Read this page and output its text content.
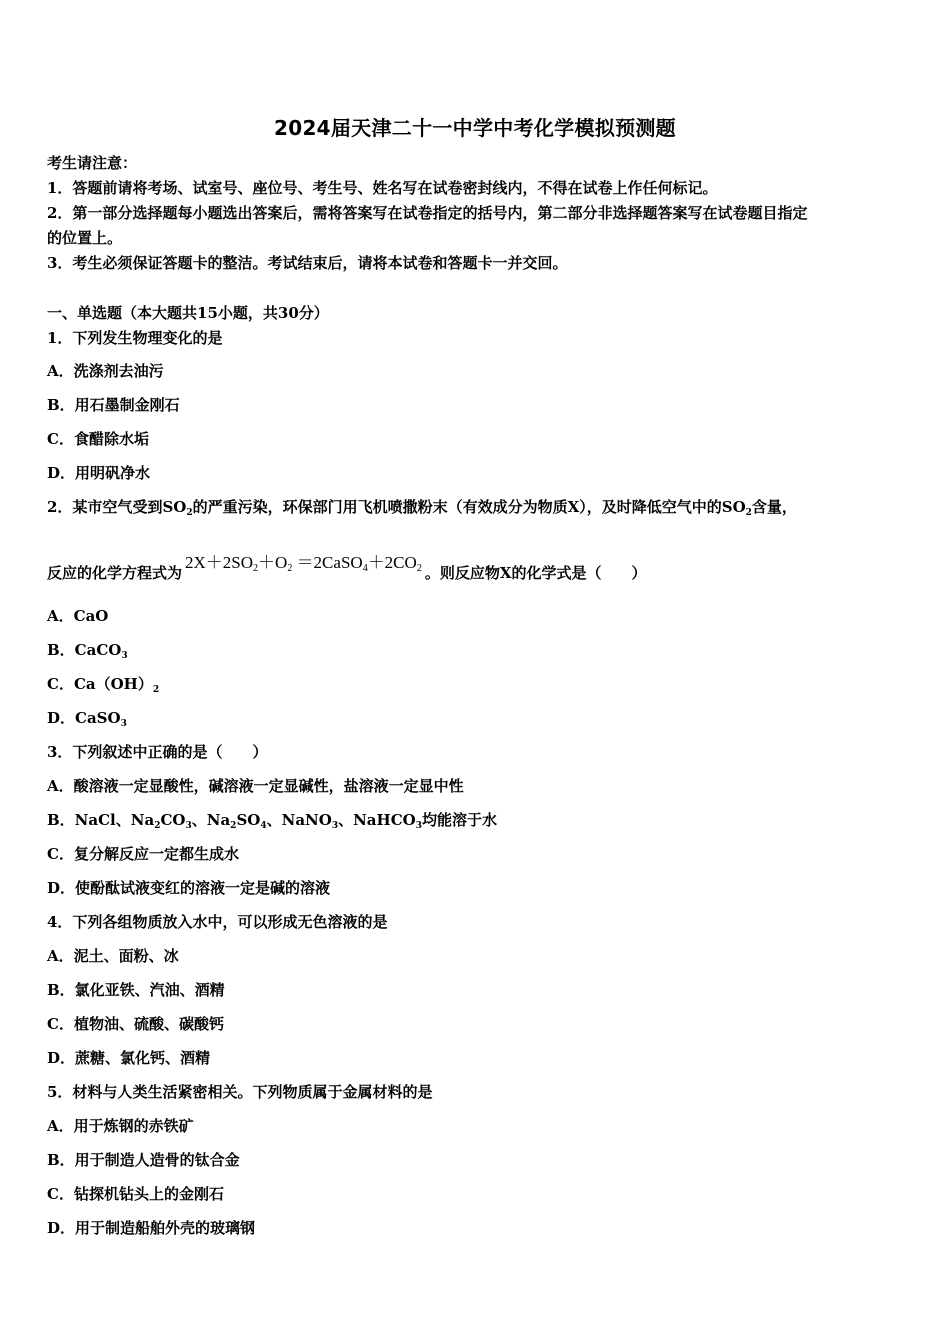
2024届天津二十一中学中考化学模拟预测题
考生请注意：
1．答题前请将考场、试室号、座位号、考生号、姓名写在试卷密封线内，不得在试卷上作任何标记。
2．第一部分选择题每小题选出答案后，需将答案写在试卷指定的括号内，第二部分非选择题答案写在试卷题目指定
的位置上。
3．考生必须保证答题卡的整洁。考试结束后，请将本试卷和答题卡一并交回。
一、单选题（本大题共15小题，共30分）
1．下列发生物理变化的是
A．洗涤剂去油污
B．用石墨制金刚石
C．食醋除水垢
D．用明矾净水
2．某市空气受到$SO_2$的严重污染，环保部门用飞机喷撒粉末（有效成分为物质X），及时降低空气中的$SO_2$含量，
反应的化学方程式为$2X+2SO_2+O_2$ $=2CaSO_4+2CO_2$ 。则反应物X的化学式是（　　）
A．CaO
B．CaCO$_3$
C．$Ca(OH)_2$
D．CaSO$_3$
3．下列叙述中正确的是（　　）
A．酸溶液一定显酸性，碱溶液一定显碱性，盐溶液一定显中性
B．NaCl、$Na_2CO_3$、$Na_2SO_4$、NaNO$_3$、NaHCO$_3$均能溶于水
C．复分解反应一定都生成水
D．使酚酞试液变红的溶液一定是碱的溶液
4．下列各组物质放入水中，可以形成无色溶液的是
A．泥土、面粉、冰
B．氯化亚铁、汽油、酒精
C．植物油、硫酸、碳酸钙
D．蔗糖、氯化钙、酒精
5．材料与人类生活紧密相关。下列物质属于金属材料的是
A．用于炼钢的赤铁矿
B．用于制造人造骨的钛合金
C．钻探机钻头上的金刚石
D．用于制造船舶外壳的玻璃钢
